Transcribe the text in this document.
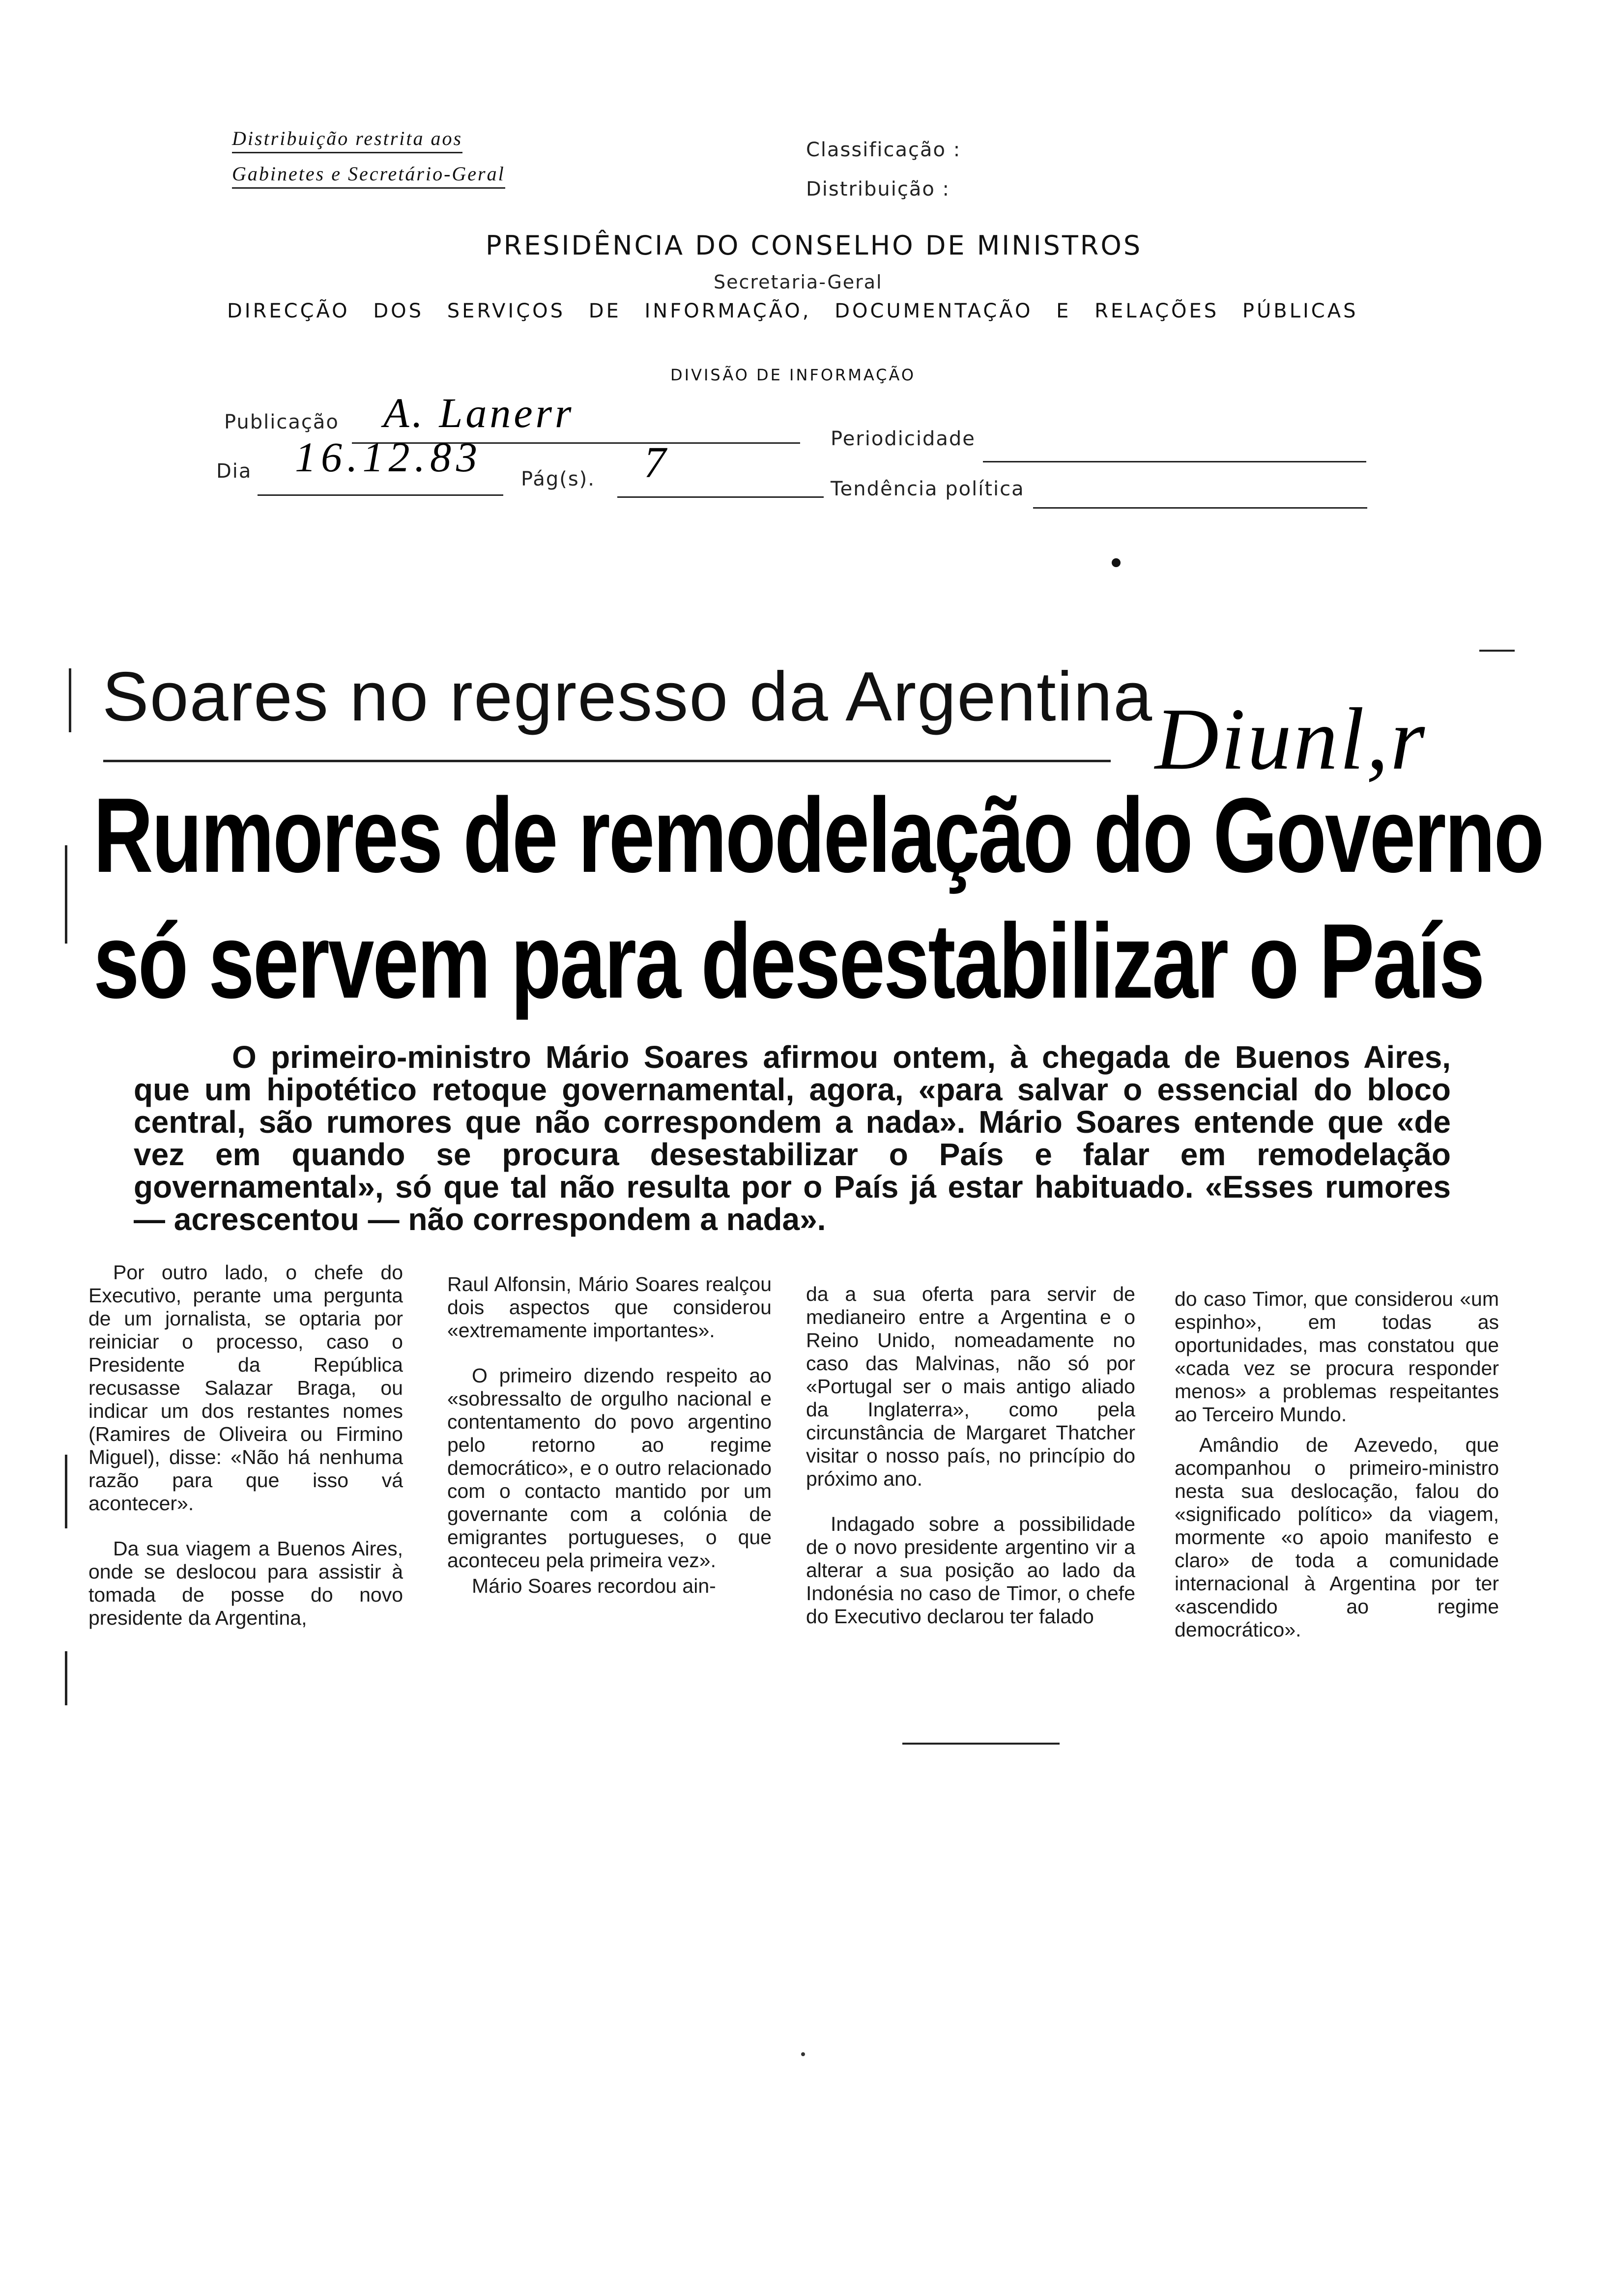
Distribuição restrita aos
Gabinetes e Secretário-Geral
Classificação :
Distribuição :
PRESIDÊNCIA DO CONSELHO DE MINISTROS
Secretaria-Geral
DIRECÇÃO DOS SERVIÇOS DE INFORMAÇÃO, DOCUMENTAÇÃO E RELAÇÕES PÚBLICAS
DIVISÃO DE INFORMAÇÃO
Publicação A. Lanerr
Periodicidade
Dia 16.12.83 Pág(s). 7
Tendência política
Soares no regresso da Argentina Diunl,r
Rumores de remodelação do Governo
só servem para desestabilizar o País
O primeiro-ministro Mário Soares afirmou ontem, à chegada de Buenos Aires, que um hipotético retoque governamental, agora, «para salvar o essencial do bloco central, são rumores que não correspondem a nada». Mário Soares entende que «de vez em quando se procura desestabilizar o País e falar em remodelação governamental», só que tal não resulta por o País já estar habituado. «Esses rumores — acrescentou — não correspondem a nada».

Por outro lado, o chefe do Executivo, perante uma pergunta de um jornalista, se optaria por reiniciar o processo, caso o Presidente da República recusasse Salazar Braga, ou indicar um dos restantes nomes (Ramires de Oliveira ou Firmino Miguel), disse: «Não há nenhuma razão para que isso vá acontecer».

Da sua viagem a Buenos Aires, onde se deslocou para assistir à tomada de posse do novo presidente da Argentina,

Raul Alfonsin, Mário Soares realçou dois aspectos que considerou «extremamente importantes».

O primeiro dizendo respeito ao «sobressalto de orgulho nacional e contentamento do povo argentino pelo retorno ao regime democrático», e o outro relacionado com o contacto mantido por um governante com a colónia de emigrantes portugueses, o que aconteceu pela primeira vez».

Mário Soares recordou ain-

da a sua oferta para servir de medianeiro entre a Argentina e o Reino Unido, nomeadamente no caso das Malvinas, não só por «Portugal ser o mais antigo aliado da Inglaterra», como pela circunstância de Margaret Thatcher visitar o nosso país, no princípio do próximo ano.

Indagado sobre a possibilidade de o novo presidente argentino vir a alterar a sua posição ao lado da Indonésia no caso de Timor, o chefe do Executivo declarou ter falado

do caso Timor, que considerou «um espinho», em todas as oportunidades, mas constatou que «cada vez se procura responder menos» a problemas respeitantes ao Terceiro Mundo.

Amândio de Azevedo, que acompanhou o primeiro-ministro nesta sua deslocação, falou do «significado político» da viagem, mormente «o apoio manifesto e claro» de toda a comunidade internacional à Argentina por ter «ascendido ao regime democrático».
